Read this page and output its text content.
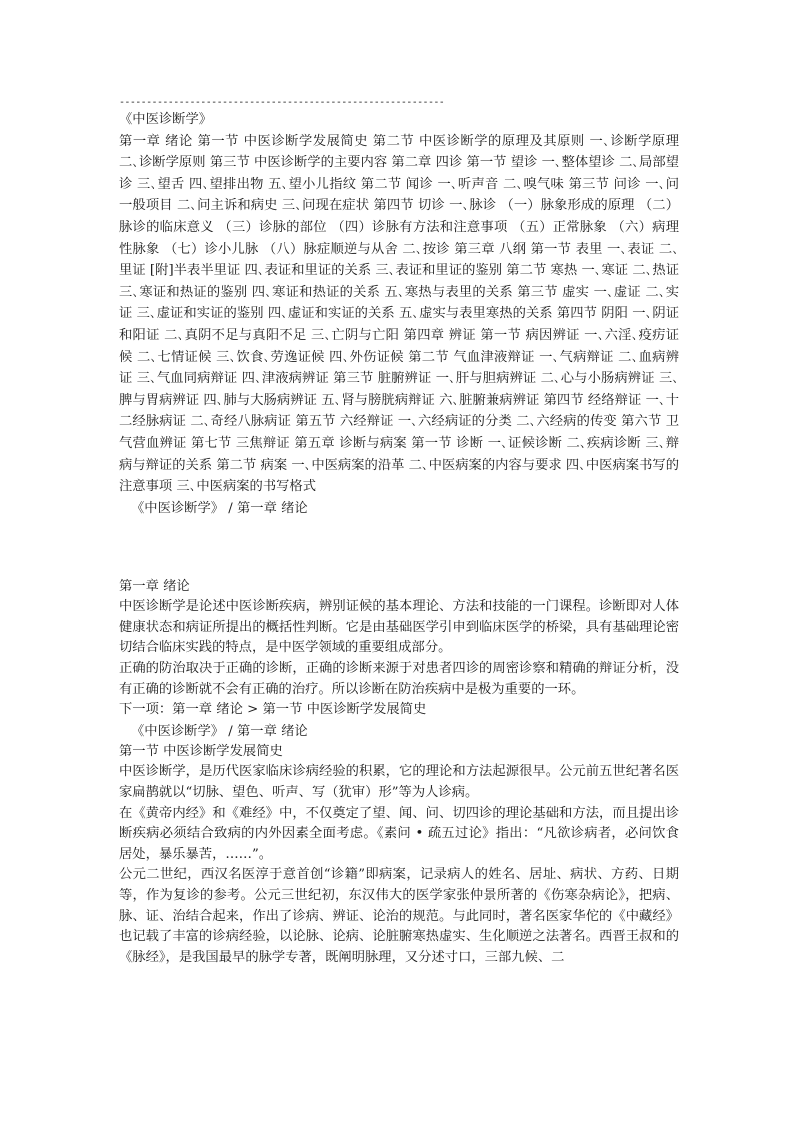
------------------------------------------------------------

《中医诊断学》

第一章 绪论 第一节 中医诊断学发展简史 第二节 中医诊断学的原理及其原则 一､诊断学原理 二､诊断学原则 第三节 中医诊断学的主要内容 第二章 四诊 第一节 望诊 一､整体望诊 二､局部望诊 三､望舌 四､望排出物 五､望小儿指纹 第二节 闻诊 一､听声音 二､嗅气味 第三节 问诊 一､问一般项目 二､问主诉和病史 三､问现在症状 第四节 切诊 一､脉诊 （一）脉象形成的原理 （二）脉诊的临床意义 （三）诊脉的部位 （四）诊脉有方法和注意事项 （五）正常脉象 （六）病理性脉象 （七）诊小儿脉 （八）脉症顺逆与从舍 二､按诊 第三章 八纲 第一节 表里 一､表证 二､里证 [附]半表半里证 四､表证和里证的关系 三､表证和里证的鉴别 第二节 寒热 一､寒证 二､热证 三､寒证和热证的鉴别 四､寒证和热证的关系 五､寒热与表里的关系 第三节 虚实 一､虚证 二､实证 三､虚证和实证的鉴别 四､虚证和实证的关系 五､虚实与表里寒热的关系 第四节 阴阳 一､阴证和阳证 二､真阴不足与真阳不足 三､亡阴与亡阳 第四章 辨证 第一节 病因辨证 一､六淫､疫疠证候 二､七情证候 三､饮食､劳逸证候 四､外伤证候 第二节 气血津液辩证 一､气病辩证 二､血病辨证 三､气血同病辩证 四､津液病辨证 第三节 脏腑辨证 一､肝与胆病辨证 二､心与小肠病辨证 三､脾与胃病辨证 四､肺与大肠病辨证 五､肾与膀胱病辩证 六､脏腑兼病辨证 第四节 经络辩证 一､十二经脉病证 二､奇经八脉病证 第五节 六经辩证 一､六经病证的分类 二､六经病的传变 第六节 卫气营血辨证 第七节 三焦辩证 第五章 诊断与病案 第一节 诊断 一､证候诊断 二､疾病诊断 三､辩病与辩证的关系 第二节 病案 一､中医病案的沿革 二､中医病案的内容与要求 四､中医病案书写的注意事项 三､中医病案的书写格式

《中医诊断学》 / 第一章 绪论

第一章 绪论

中医诊断学是论述中医诊断疾病，辨别证候的基本理论、方法和技能的一门课程。诊断即对人体健康状态和病证所提出的概括性判断。它是由基础医学引申到临床医学的桥梁，具有基础理论密切结合临床实践的特点，是中医学领域的重要组成部分。

正确的防治取决于正确的诊断，正确的诊断来源于对患者四诊的周密诊察和精确的辩证分析，没有正确的诊断就不会有正确的治疗。所以诊断在防治疾病中是极为重要的一环。

下一项：第一章 绪论 > 第一节 中医诊断学发展简史

《中医诊断学》 / 第一章 绪论

第一节 中医诊断学发展简史

中医诊断学，是历代医家临床诊病经验的积累，它的理论和方法起源很早。公元前五世纪著名医家扁鹊就以“切脉、望色、听声、写（犹审）形”等为人诊病。

在《黄帝内经》和《难经》中，不仅奠定了望、闻、问、切四诊的理论基础和方法，而且提出诊断疾病必须结合致病的内外因素全面考虑。《素问 • 疏五过论》指出：“凡欲诊病者，必问饮食居处，暴乐暴苦，……”。

公元二世纪，西汉名医淳于意首创“诊籍”即病案，记录病人的姓名、居址、病状、方药、日期等，作为复诊的参考。公元三世纪初，东汉伟大的医学家张仲景所著的《伤寒杂病论》，把病、脉、证、治结合起来，作出了诊病、辨证、论治的规范。与此同时，著名医家华佗的《中藏经》也记载了丰富的诊病经验，以论脉、论病、论脏腑寒热虚实、生化顺逆之法著名。西晋王叔和的《脉经》，是我国最早的脉学专著，既阐明脉理，又分述寸口，三部九候、二
